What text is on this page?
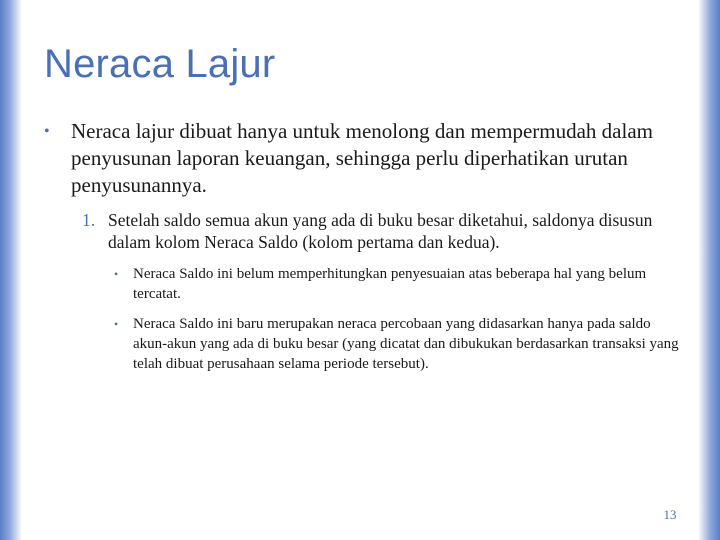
Neraca Lajur
•	Neraca lajur dibuat hanya untuk menolong dan mempermudah dalam penyusunan laporan keuangan, sehingga perlu diperhatikan urutan penyusunannya.
1. Setelah saldo semua akun yang ada di buku besar diketahui, saldonya disusun dalam kolom Neraca Saldo (kolom pertama dan kedua).
• Neraca Saldo ini belum memperhitungkan penyesuaian atas beberapa hal yang belum tercatat.
• Neraca Saldo ini baru merupakan neraca percobaan yang didasarkan hanya pada saldo akun-akun yang ada di buku besar (yang dicatat dan dibukukan berdasarkan transaksi yang telah dibuat perusahaan selama periode tersebut).
13
